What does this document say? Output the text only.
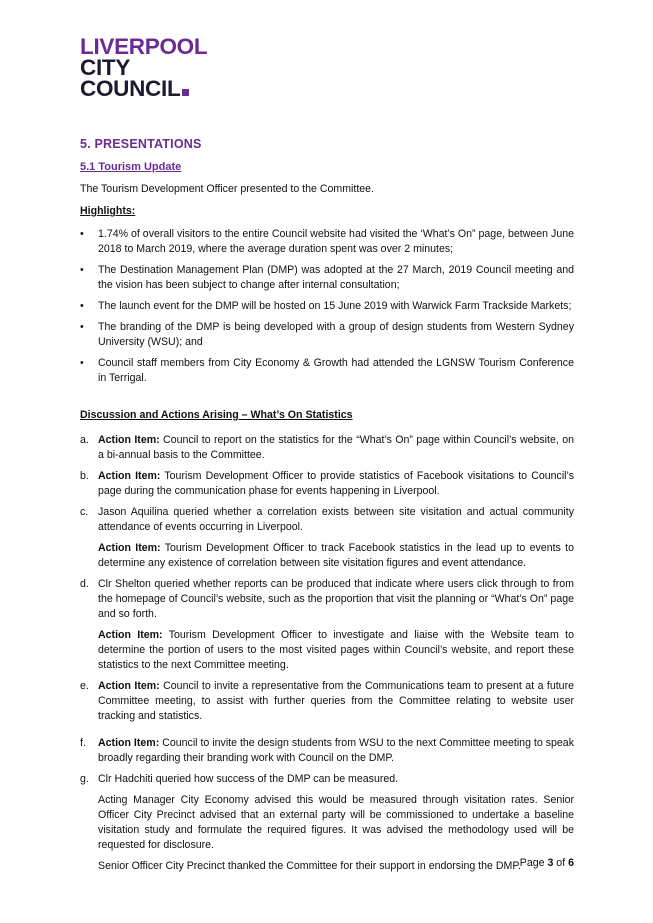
LIVERPOOL
CITY
COUNCIL
5. PRESENTATIONS
5.1 Tourism Update
The Tourism Development Officer presented to the Committee.
Highlights:
• 1.74% of overall visitors to the entire Council website had visited the ‘What’s On” page, between June 2018 to March 2019, where the average duration spent was over 2 minutes;
• The Destination Management Plan (DMP) was adopted at the 27 March, 2019 Council meeting and the vision has been subject to change after internal consultation;
• The launch event for the DMP will be hosted on 15 June 2019 with Warwick Farm Trackside Markets;
• The branding of the DMP is being developed with a group of design students from Western Sydney University (WSU); and
• Council staff members from City Economy & Growth had attended the LGNSW Tourism Conference in Terrigal.
Discussion and Actions Arising – What’s On Statistics
a. Action Item: Council to report on the statistics for the “What’s On” page within Council’s website, on a bi-annual basis to the Committee.
b. Action Item: Tourism Development Officer to provide statistics of Facebook visitations to Council’s page during the communication phase for events happening in Liverpool.
c. Jason Aquilina queried whether a correlation exists between site visitation and actual community attendance of events occurring in Liverpool.
Action Item: Tourism Development Officer to track Facebook statistics in the lead up to events to determine any existence of correlation between site visitation figures and event attendance.
d. Clr Shelton queried whether reports can be produced that indicate where users click through to from the homepage of Council’s website, such as the proportion that visit the planning or “What’s On” page and so forth.
Action Item: Tourism Development Officer to investigate and liaise with the Website team to determine the portion of users to the most visited pages within Council’s website, and report these statistics to the next Committee meeting.
e. Action Item: Council to invite a representative from the Communications team to present at a future Committee meeting, to assist with further queries from the Committee relating to website user tracking and statistics.
f. Action Item: Council to invite the design students from WSU to the next Committee meeting to speak broadly regarding their branding work with Council on the DMP.
g. Clr Hadchiti queried how success of the DMP can be measured.
Acting Manager City Economy advised this would be measured through visitation rates. Senior Officer City Precinct advised that an external party will be commissioned to undertake a baseline visitation study and formulate the required figures. It was advised the methodology used will be requested for disclosure.
Senior Officer City Precinct thanked the Committee for their support in endorsing the DMP.
Page 3 of 6
